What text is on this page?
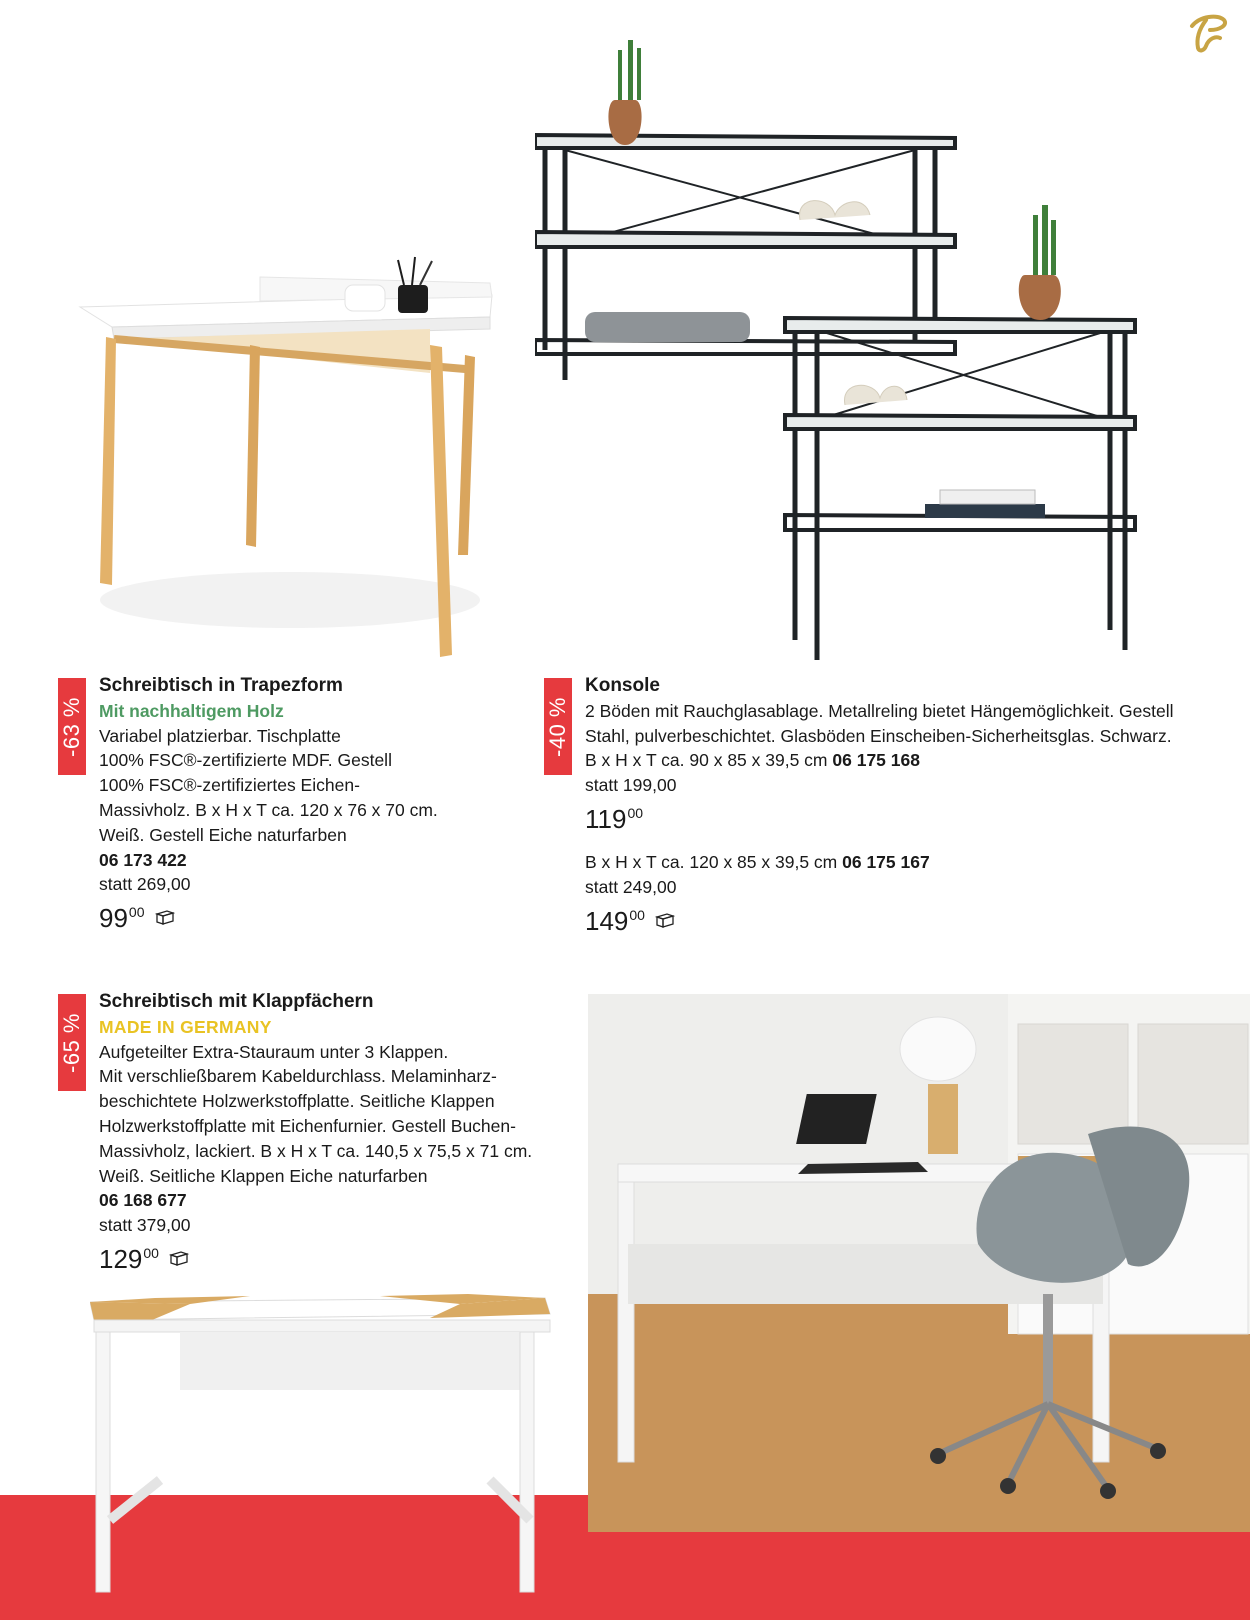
-63 %
Schreibtisch in Trapezform
Mit nachhaltigem Holz
Variabel platzierbar. Tischplatte
100% FSC®-zertifizierte MDF. Gestell
100% FSC®-zertifiziertes Eichen-
Massivholz. B x H x T ca. 120 x 76 x 70 cm.
Weiß. Gestell Eiche naturfarben
06 173 422
statt 269,00
99 00
-40 %
Konsole
2 Böden mit Rauchglasablage. Metallreling bietet Hängemöglichkeit. Gestell
Stahl, pulverbeschichtet. Glasböden Einscheiben-Sicherheitsglas. Schwarz.
B x H x T ca. 90 x 85 x 39,5 cm 06 175 168
statt 199,00
119 00
B x H x T ca. 120 x 85 x 39,5 cm 06 175 167
statt 249,00
149 00
-65 %
Schreibtisch mit Klappfächern
MADE IN GERMANY
Aufgeteilter Extra-Stauraum unter 3 Klappen.
Mit verschließbarem Kabeldurchlass. Melaminharz-
beschichtete Holzwerkstoffplatte. Seitliche Klappen
Holzwerkstoffplatte mit Eichenfurnier. Gestell Buchen-
Massivholz, lackiert. B x H x T ca. 140,5 x 75,5 x 71 cm.
Weiß. Seitliche Klappen Eiche naturfarben
06 168 677
statt 379,00
129 00
